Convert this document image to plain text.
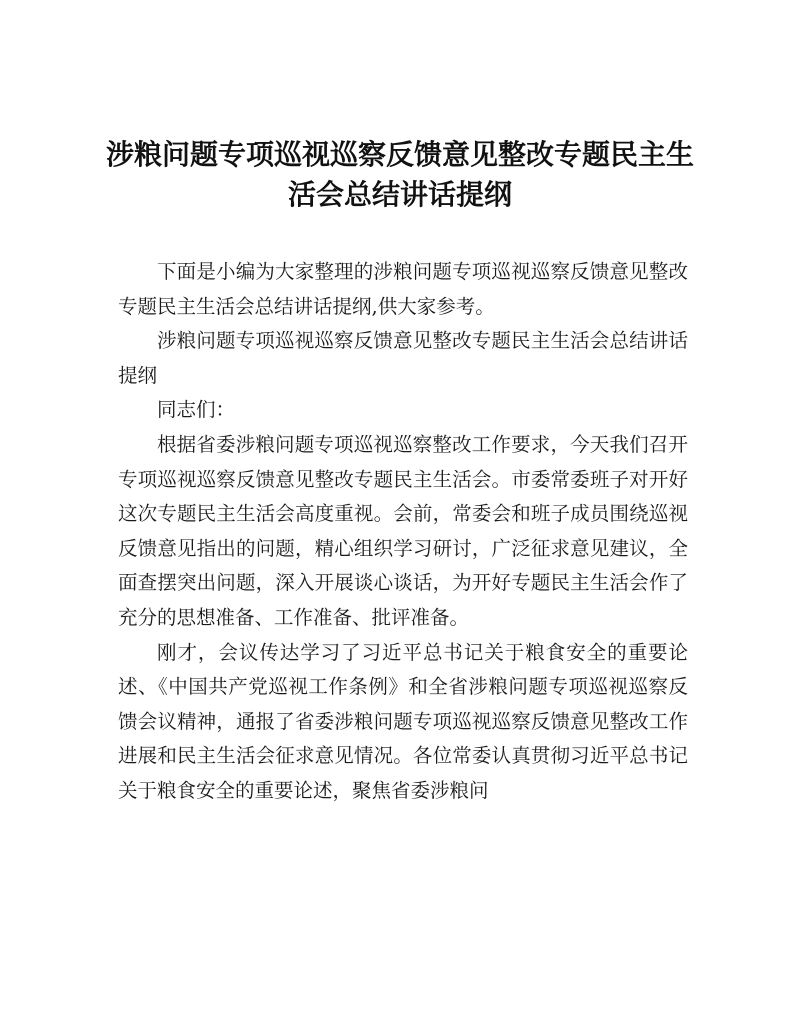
涉粮问题专项巡视巡察反馈意见整改专题民主生活会总结讲话提纲

下面是小编为大家整理的涉粮问题专项巡视巡察反馈意见整改专题民主生活会总结讲话提纲,供大家参考。

涉粮问题专项巡视巡察反馈意见整改专题民主生活会总结讲话提纲

同志们：

根据省委涉粮问题专项巡视巡察整改工作要求，今天我们召开专项巡视巡察反馈意见整改专题民主生活会。市委常委班子对开好这次专题民主生活会高度重视。会前，常委会和班子成员围绕巡视反馈意见指出的问题，精心组织学习研讨，广泛征求意见建议，全面查摆突出问题，深入开展谈心谈话，为开好专题民主生活会作了充分的思想准备、工作准备、批评准备。

刚才，会议传达学习了习近平总书记关于粮食安全的重要论述、《中国共产党巡视工作条例》和全省涉粮问题专项巡视巡察反馈会议精神，通报了省委涉粮问题专项巡视巡察反馈意见整改工作进展和民主生活会征求意见情况。各位常委认真贯彻习近平总书记关于粮食安全的重要论述，聚焦省委涉粮问
